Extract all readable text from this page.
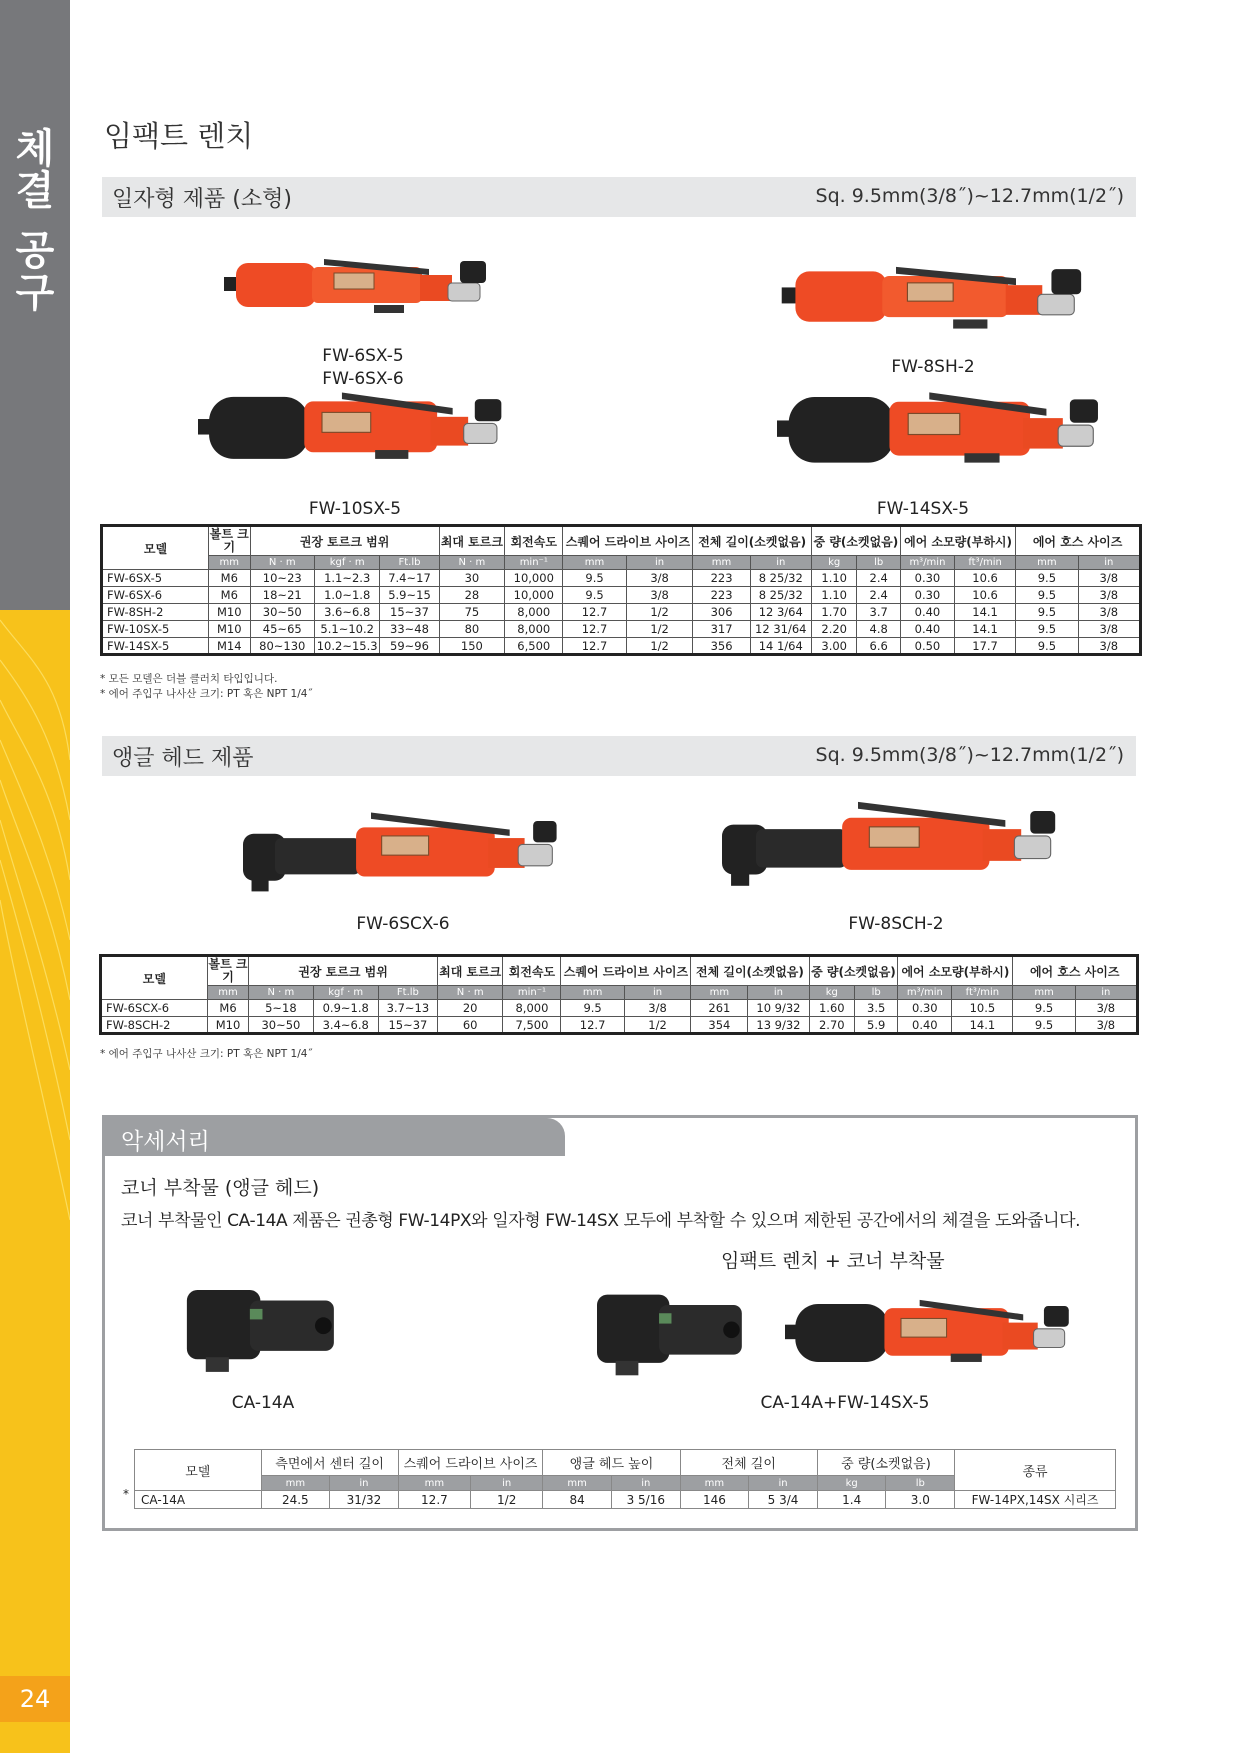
체
결
공
구
24
임팩트 렌치
일자형 제품 (소형)	Sq. 9.5mm(3/8˝)~12.7mm(1/2˝)
FW-6SX-5
FW-6SX-6
FW-8SH-2
FW-10SX-5	FW-14SX-5
모델	볼트 크기	권장 토르크 범위			최대 토르크	회전속도	스퀘어 드라이브 사이즈		전체 길이(소켓없음)		중 량(소켓없음)		에어 소모량(부하시)		에어 호스 사이즈	
	mm	N · m	kgf · m	Ft.lb	N · m	min⁻¹	mm	in	mm	in	kg	lb	m³/min	ft³/min	mm	in
FW-6SX-5	M6	10~23	1.1~2.3	7.4~17	30	10,000	9.5	3/8	223	8 25/32	1.10	2.4	0.30	10.6	9.5	3/8
FW-6SX-6	M6	18~21	1.0~1.8	5.9~15	28	10,000	9.5	3/8	223	8 25/32	1.10	2.4	0.30	10.6	9.5	3/8
FW-8SH-2	M10	30~50	3.6~6.8	15~37	75	8,000	12.7	1/2	306	12 3/64	1.70	3.7	0.40	14.1	9.5	3/8
FW-10SX-5	M10	45~65	5.1~10.2	33~48	80	8,000	12.7	1/2	317	12 31/64	2.20	4.8	0.40	14.1	9.5	3/8
FW-14SX-5	M14	80~130	10.2~15.3	59~96	150	6,500	12.7	1/2	356	14 1/64	3.00	6.6	0.50	17.7	9.5	3/8
* 모든 모델은 더블 클러치 타입입니다.
* 에어 주입구 나사산 크기: PT 혹은 NPT 1/4˝
앵글 헤드 제품	Sq. 9.5mm(3/8˝)~12.7mm(1/2˝)
FW-6SCX-6	FW-8SCH-2
모델	볼트 크기	권장 토르크 범위			최대 토르크	회전속도	스퀘어 드라이브 사이즈		전체 길이(소켓없음)		중 량(소켓없음)		에어 소모량(부하시)		에어 호스 사이즈	
	mm	N · m	kgf · m	Ft.lb	N · m	min⁻¹	mm	in	mm	in	kg	lb	m³/min	ft³/min	mm	in
FW-6SCX-6	M6	5~18	0.9~1.8	3.7~13	20	8,000	9.5	3/8	261	10 9/32	1.60	3.5	0.30	10.5	9.5	3/8
FW-8SCH-2	M10	30~50	3.4~6.8	15~37	60	7,500	12.7	1/2	354	13 9/32	2.70	5.9	0.40	14.1	9.5	3/8
* 에어 주입구 나사산 크기: PT 혹은 NPT 1/4˝
악세서리
코너 부착물 (앵글 헤드)
코너 부착물인 CA-14A 제품은 권총형 FW-14PX와 일자형 FW-14SX 모두에 부착할 수 있으며 제한된 공간에서의 체결을 도와줍니다.
임팩트 렌치 + 코너 부착물
CA-14A	CA-14A+FW-14SX-5
모델	측면에서 센터 길이		스퀘어 드라이브 사이즈		앵글 헤드 높이		전체 길이		중 량(소켓없음)		종류
	mm	in	mm	in	mm	in	mm	in	kg	lb	
CA-14A	24.5	31/32	12.7	1/2	84	3 5/16	146	5 3/4	1.4	3.0	FW-14PX,14SX 시리즈
*
